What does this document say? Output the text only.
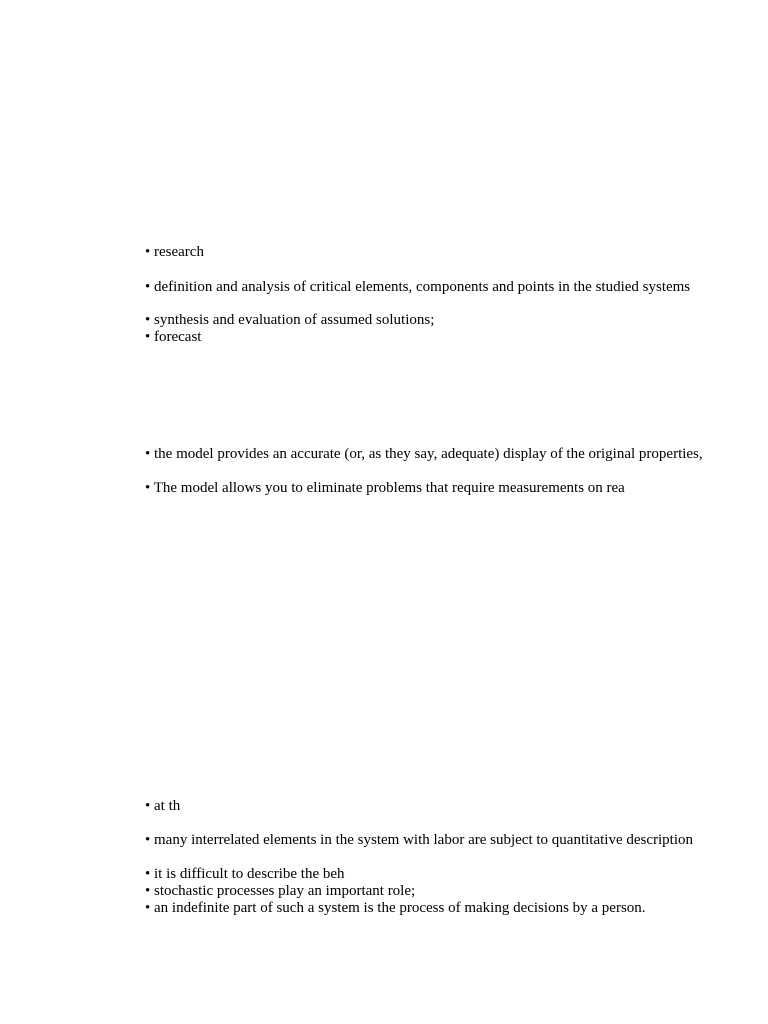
• research
• definition and analysis of critical elements, components and points in the studied systems
• synthesis and evaluation of assumed solutions;
• forecast
• the model provides an accurate (or, as they say, adequate) display of the original properties,
• The model allows you to eliminate problems that require measurements on rea
• at th
• many interrelated elements in the system with labor are subject to quantitative description
• it is difficult to describe the beh
• stochastic processes play an important role;
• an indefinite part of such a system is the process of making decisions by a person.
